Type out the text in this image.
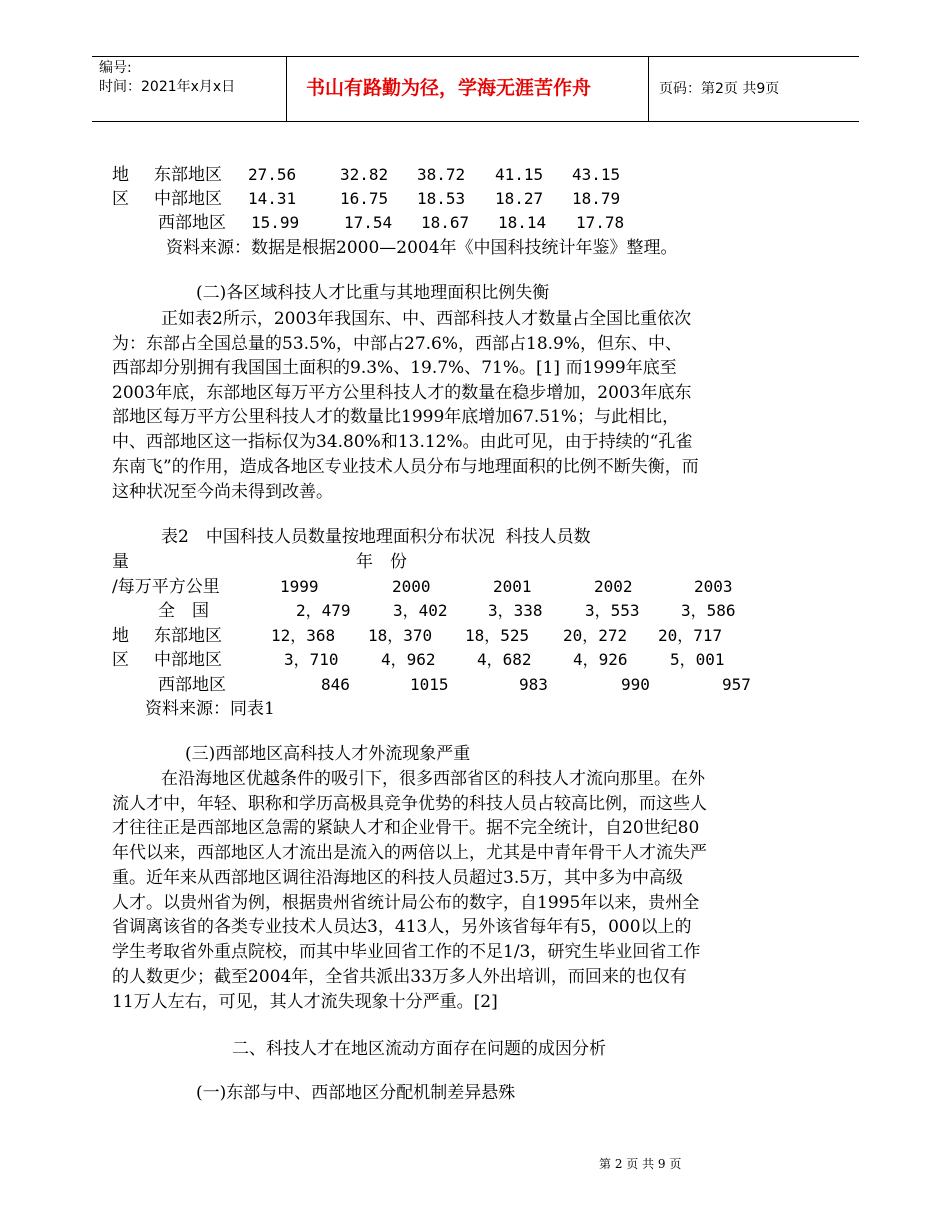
编号:
时间：2021年x月x日	书山有路勤为径，学海无涯苦作舟	页码：第2页 共9页
地
区
东部地区 27.56	32.82 38.72 41.15 43.15
中部地区 14.31	16.75 18.53 18.27 18.79
西部地区 15.99	17.54 18.67 18.14 17.78
资料来源：数据是根据2000—2004年《中国科技统计年鉴》整理。
(二)各区域科技人才比重与其地理面积比例失衡
正如表2所示，2003年我国东、中、西部科技人才数量占全国比重依次
为：东部占全国总量的53.5%，中部占27.6%，西部占18.9%，但东、中、
西部却分别拥有我国国土面积的9.3%、19.7%、71%。[1] 而1999年底至
2003年底，东部地区每万平方公里科技人才的数量在稳步增加，2003年底东
部地区每万平方公里科技人才的数量比1999年底增加67.51%；与此相比，
中、西部地区这一指标仅为34.80%和13.12%。由此可见，由于持续的“孔雀
东南飞”的作用，造成各地区专业技术人员分布与地理面积的比例不断失衡，而
这种状况至今尚未得到改善。
表2　中国科技人员数量按地理面积分布状况  科技人员数
量	年　份
/每万平方公里	1999	2000	2001	2002	2003
全　国	2，479	3，402	3，338	3，553	3，586
地 东部地区	12，368 18，370 18，525 20，272 20，717
区 中部地区	3，710	4，962	4，682	4，926	5，001
西部地区	846	1015	983	990	957
资料来源：同表1
(三)西部地区高科技人才外流现象严重
在沿海地区优越条件的吸引下，很多西部省区的科技人才流向那里。在外
流人才中，年轻、职称和学历高极具竞争优势的科技人员占较高比例，而这些人
才往往正是西部地区急需的紧缺人才和企业骨干。据不完全统计，自20世纪80
年代以来，西部地区人才流出是流入的两倍以上，尤其是中青年骨干人才流失严
重。近年来从西部地区调往沿海地区的科技人员超过3.5万，其中多为中高级
人才。以贵州省为例，根据贵州省统计局公布的数字，自1995年以来，贵州全
省调离该省的各类专业技术人员达3，413人，另外该省每年有5，000以上的
学生考取省外重点院校，而其中毕业回省工作的不足1/3，研究生毕业回省工作
的人数更少；截至2004年，全省共派出33万多人外出培训，而回来的也仅有
11万人左右，可见，其人才流失现象十分严重。[2]
二、科技人才在地区流动方面存在问题的成因分析
(一)东部与中、西部地区分配机制差异悬殊
第 2 页 共 9 页
